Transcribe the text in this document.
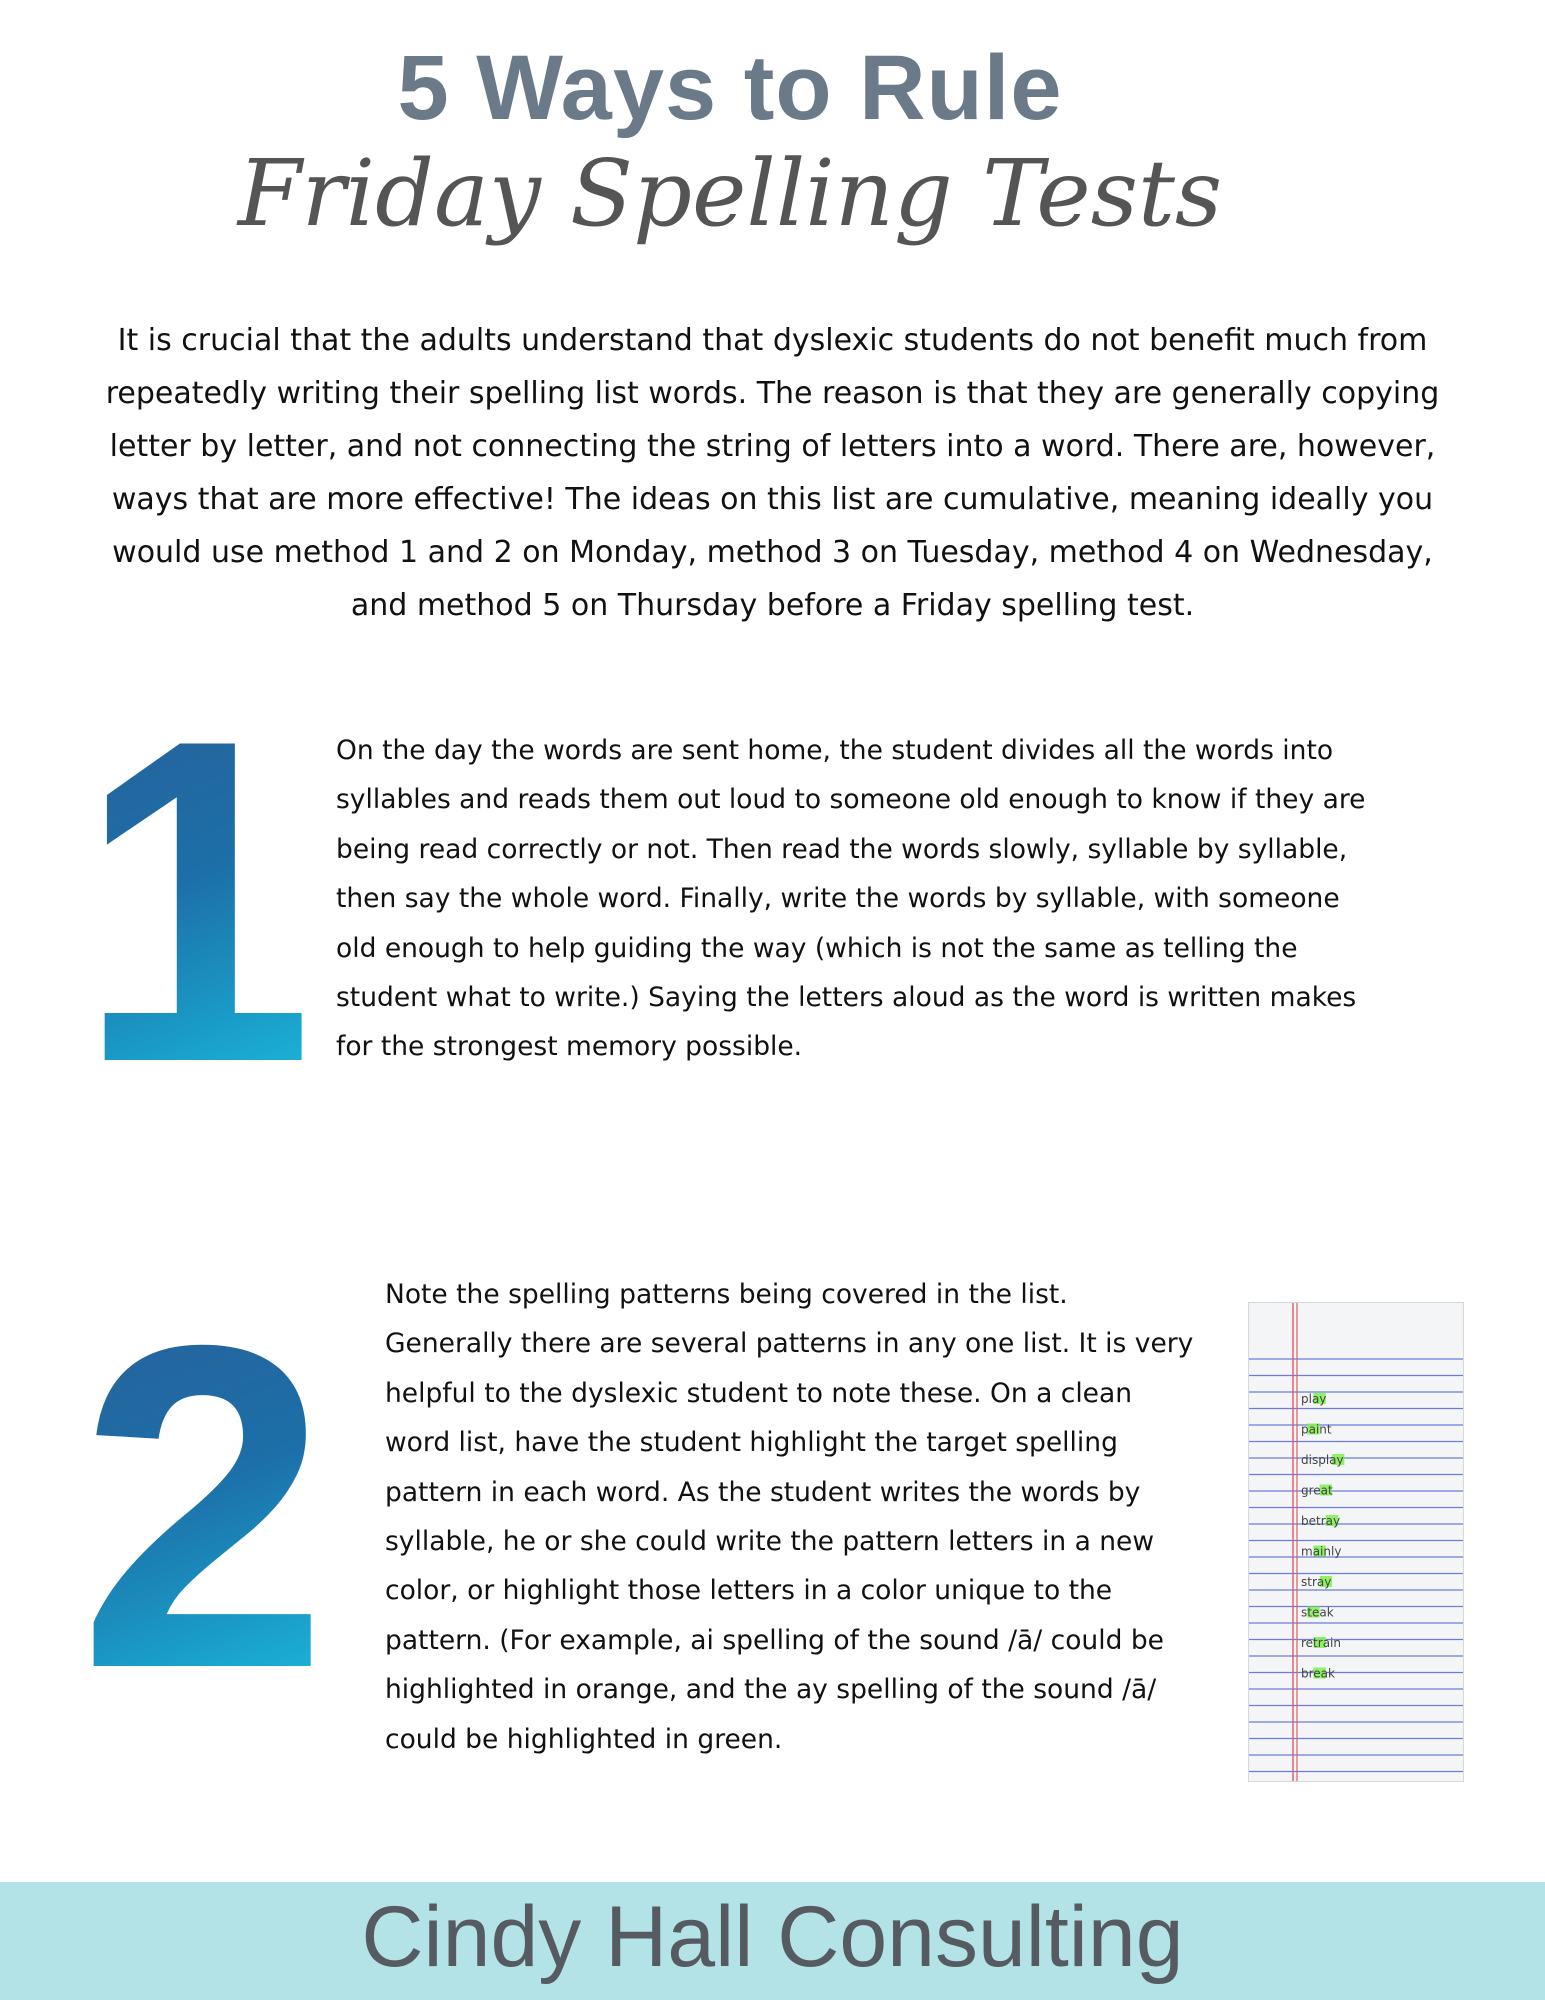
5 Ways to Rule
Friday Spelling Tests
It is crucial that the adults understand that dyslexic students do not benefit much from repeatedly writing their spelling list words. The reason is that they are generally copying letter by letter, and not connecting the string of letters into a word. There are, however, ways that are more effective! The ideas on this list are cumulative, meaning ideally you would use method 1 and 2 on Monday, method 3 on Tuesday, method 4 on Wednesday, and method 5 on Thursday before a Friday spelling test.
1 On the day the words are sent home, the student divides all the words into syllables and reads them out loud to someone old enough to know if they are being read correctly or not. Then read the words slowly, syllable by syllable, then say the whole word. Finally, write the words by syllable, with someone old enough to help guiding the way (which is not the same as telling the student what to write.) Saying the letters aloud as the word is written makes for the strongest memory possible.
2 Note the spelling patterns being covered in the list. Generally there are several patterns in any one list. It is very helpful to the dyslexic student to note these. On a clean word list, have the student highlight the target spelling pattern in each word. As the student writes the words by syllable, he or she could write the pattern letters in a new color, or highlight those letters in a color unique to the pattern. (For example, ai spelling of the sound /ā/ could be highlighted in orange, and the ay spelling of the sound /ā/ could be highlighted in green.
play
paint
display
great
betray
mainly
stray
steak
retrain
break
Cindy Hall Consulting
